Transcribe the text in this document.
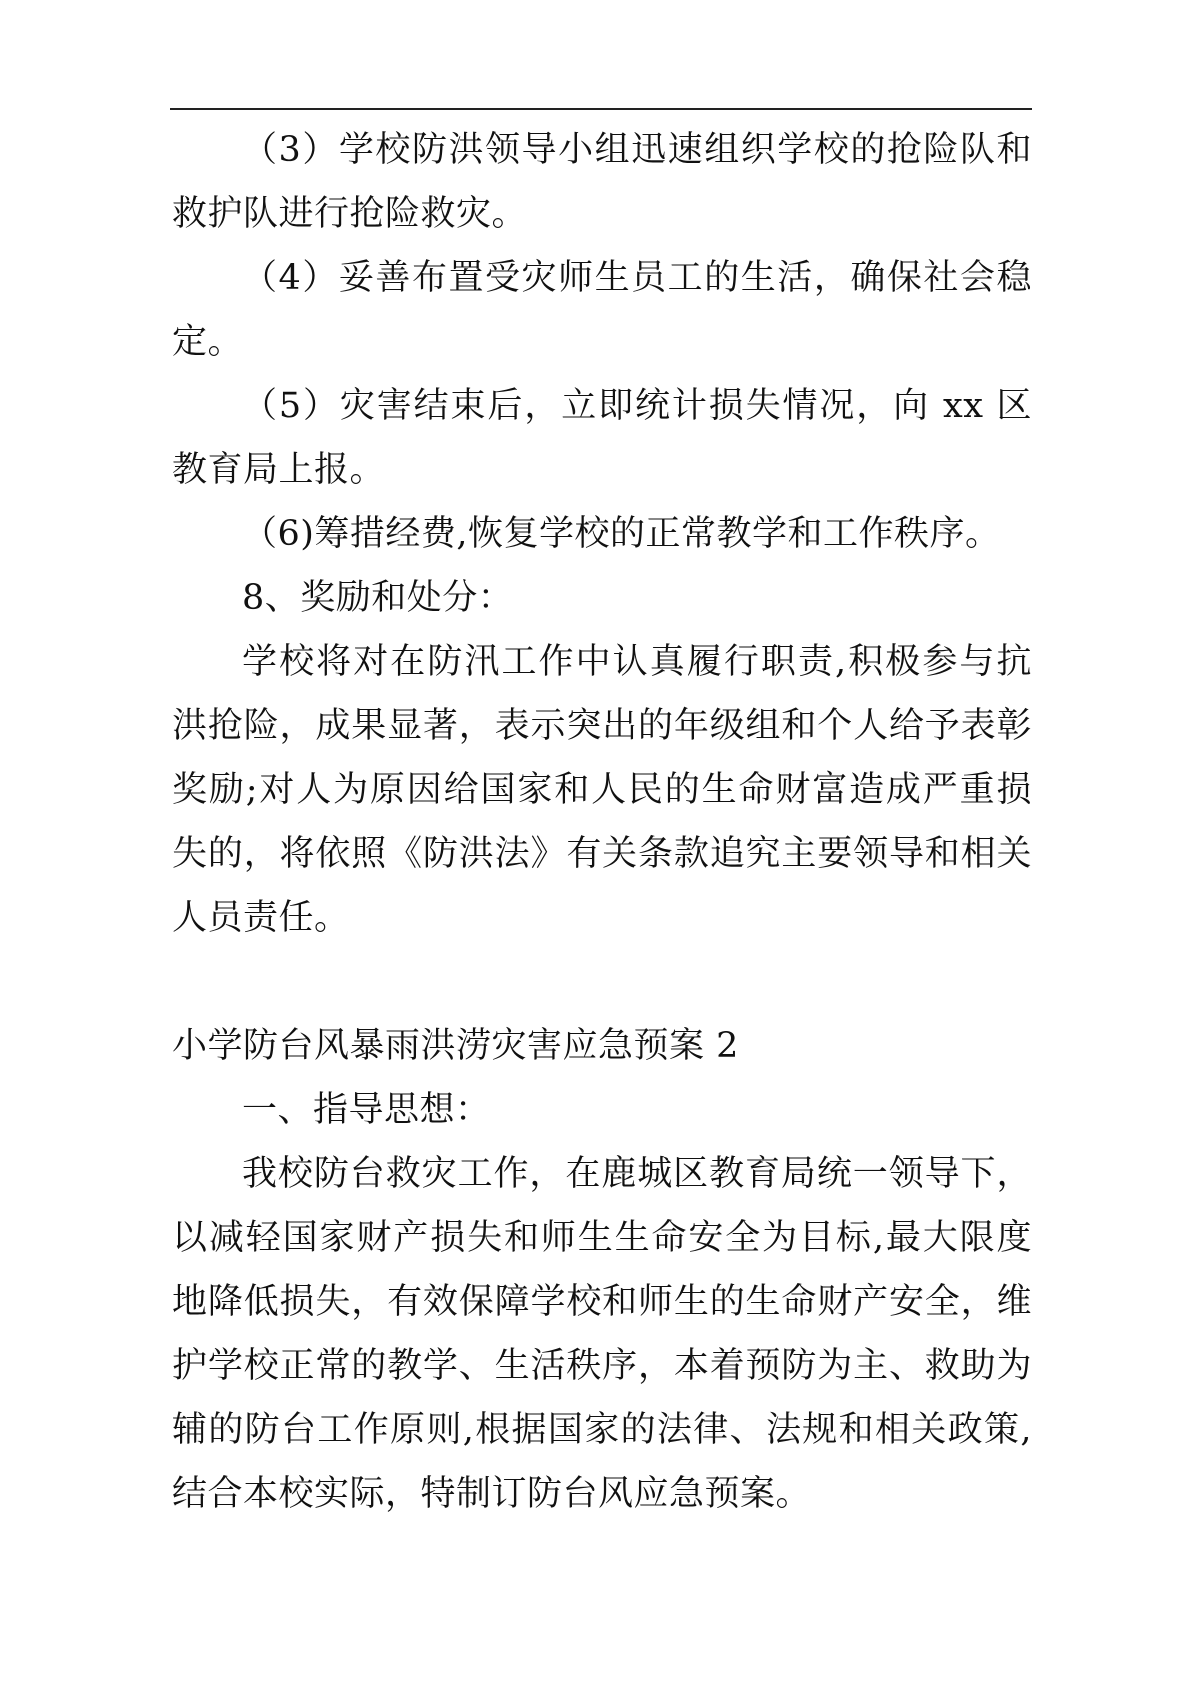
（3）学校防洪领导小组迅速组织学校的抢险队和救护队进行抢险救灾。

（4）妥善布置受灾师生员工的生活，确保社会稳定。

（5）灾害结束后，立即统计损失情况，向 xx 区教育局上报。

（6)筹措经费,恢复学校的正常教学和工作秩序。

8、奖励和处分：

学校将对在防汛工作中认真履行职责,积极参与抗洪抢险，成果显著，表示突出的年级组和个人给予表彰奖励;对人为原因给国家和人民的生命财富造成严重损失的，将依照《防洪法》有关条款追究主要领导和相关人员责任。

小学防台风暴雨洪涝灾害应急预案 2

一、指导思想：

我校防台救灾工作，在鹿城区教育局统一领导下，以减轻国家财产损失和师生生命安全为目标,最大限度地降低损失，有效保障学校和师生的生命财产安全，维护学校正常的教学、生活秩序，本着预防为主、救助为辅的防台工作原则,根据国家的法律、法规和相关政策,结合本校实际，特制订防台风应急预案。
